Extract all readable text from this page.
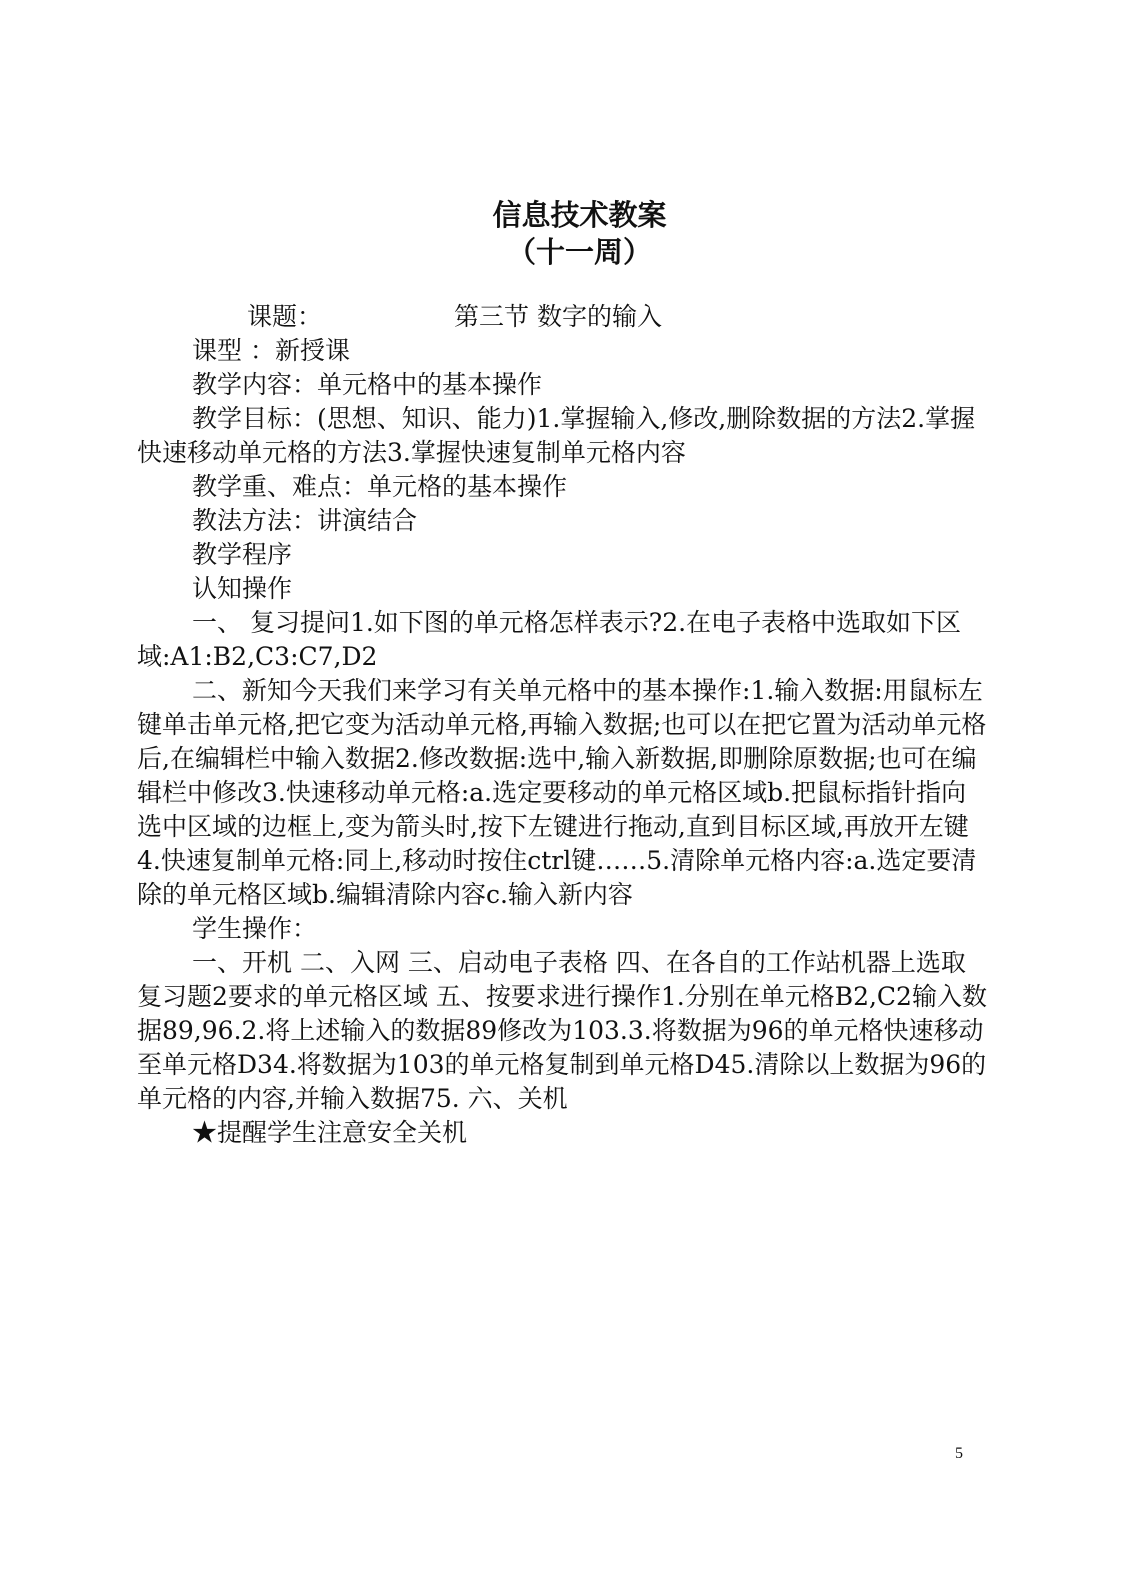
信息技术教案
（十一周）

课题：	第三节 数字的输入

课型 ：新授课

教学内容：单元格中的基本操作

教学目标：(思想、知识、能力)1.掌握输入,修改,删除数据的方法2.掌握快速移动单元格的方法3.掌握快速复制单元格内容

教学重、难点：单元格的基本操作

教法方法：讲演结合

教学程序

认知操作

一、 复习提问1.如下图的单元格怎样表示?2.在电子表格中选取如下区域:A1:B2,C3:C7,D2

二、新知今天我们来学习有关单元格中的基本操作:1.输入数据:用鼠标左键单击单元格,把它变为活动单元格,再输入数据;也可以在把它置为活动单元格后,在编辑栏中输入数据2.修改数据:选中,输入新数据,即删除原数据;也可在编辑栏中修改3.快速移动单元格:a.选定要移动的单元格区域b.把鼠标指针指向选中区域的边框上,变为箭头时,按下左键进行拖动,直到目标区域,再放开左键4.快速复制单元格:同上,移动时按住ctrl键……5.清除单元格内容:a.选定要清除的单元格区域b.编辑清除内容c.输入新内容

学生操作：

一、开机 二、入网 三、启动电子表格 四、在各自的工作站机器上选取复习题2要求的单元格区域 五、按要求进行操作1.分别在单元格B2,C2输入数据89,96.2.将上述输入的数据89修改为103.3.将数据为96的单元格快速移动至单元格D34.将数据为103的单元格复制到单元格D45.清除以上数据为96的单元格的内容,并输入数据75. 六、关机

★提醒学生注意安全关机

5
